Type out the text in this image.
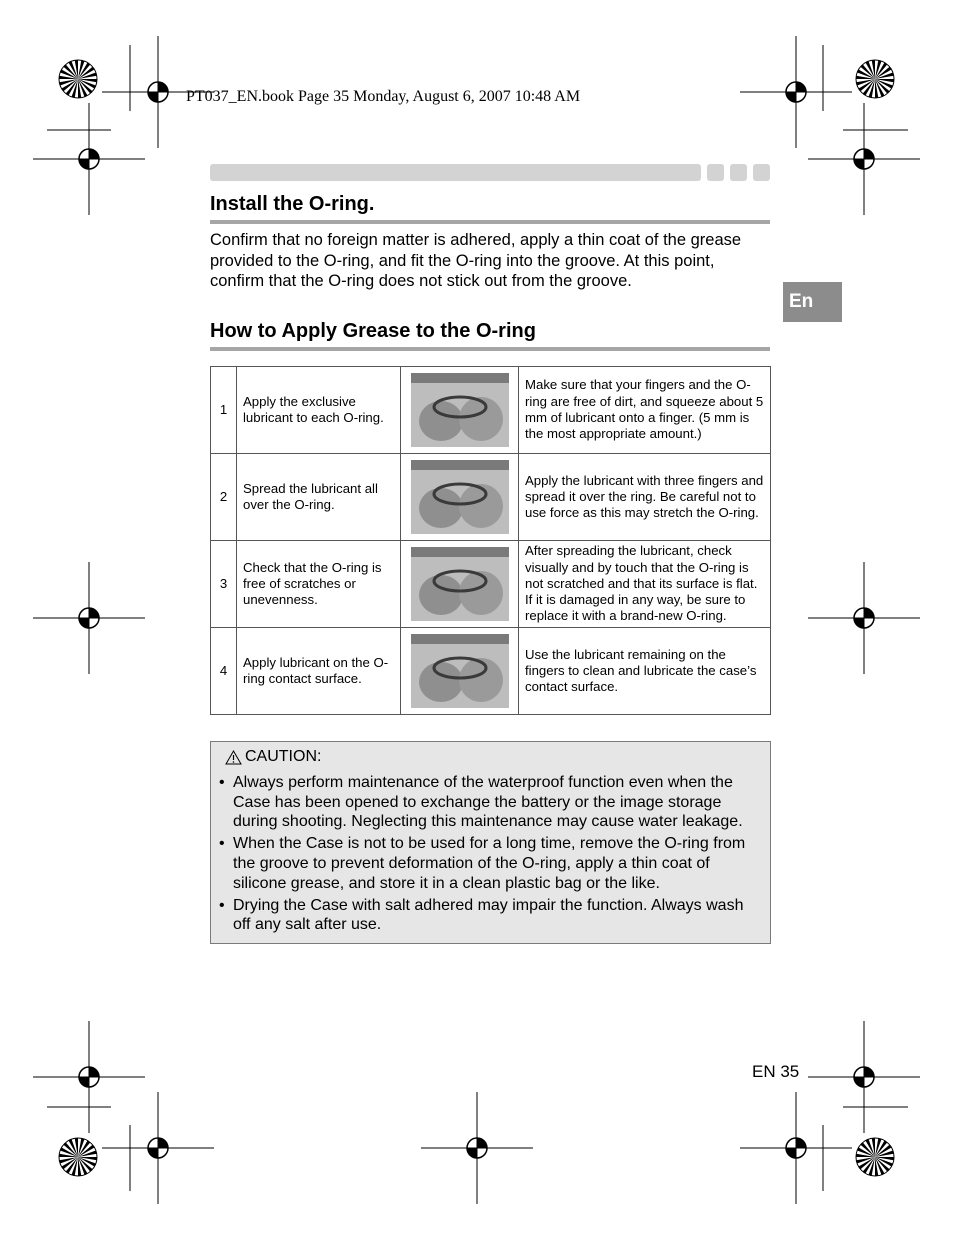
PT037_EN.book Page 35 Monday, August 6, 2007 10:48 AM
Install the O-ring.
Confirm that no foreign matter is adhered, apply a thin coat of the grease provided to the O-ring, and fit the O-ring into the groove. At this point, confirm that the O-ring does not stick out from the groove.
En
How to Apply Grease to the O-ring
1	Apply the exclusive lubricant to each O-ring.		Make sure that your fingers and the O-ring are free of dirt, and squeeze about 5 mm of lubricant onto a finger. (5 mm is the most appropriate amount.)
2	Spread the lubricant all over the O-ring.		Apply the lubricant with three fingers and spread it over the ring. Be careful not to use force as this may stretch the O-ring.
3	Check that the O-ring is free of scratches or unevenness.		After spreading the lubricant, check visually and by touch that the O-ring is not scratched and that its surface is flat. If it is damaged in any way, be sure to replace it with a brand-new O-ring.
4	Apply lubricant on the O-ring contact surface.		Use the lubricant remaining on the fingers to clean and lubricate the case’s contact surface.
CAUTION:
• Always perform maintenance of the waterproof function even when the Case has been opened to exchange the battery or the image storage during shooting. Neglecting this maintenance may cause water leakage.
• When the Case is not to be used for a long time, remove the O-ring from the groove to prevent deformation of the O-ring, apply a thin coat of silicone grease, and store it in a clean plastic bag or the like.
• Drying the Case with salt adhered may impair the function. Always wash off any salt after use.
EN 35
